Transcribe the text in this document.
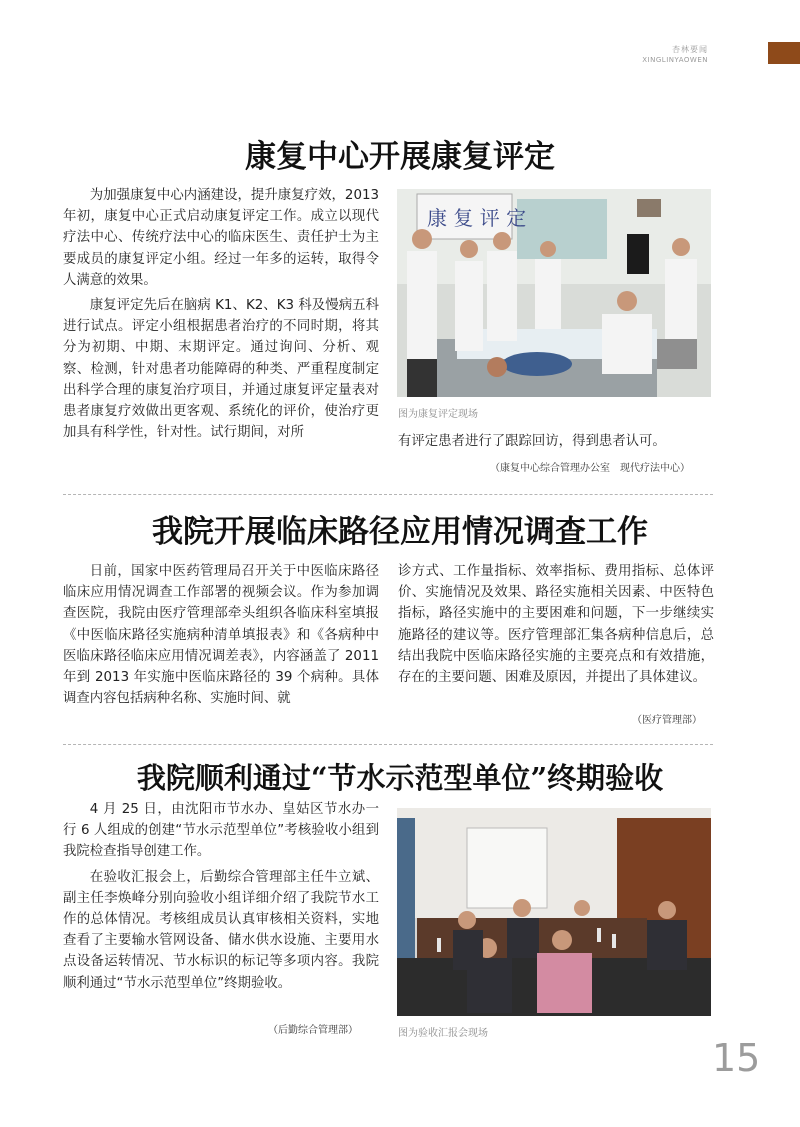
杏林要闻
XINGLINYAOWEN
康复中心开展康复评定

为加强康复中心内涵建设，提升康复疗效，2013 年初，康复中心正式启动康复评定工作。成立以现代疗法中心、传统疗法中心的临床医生、责任护士为主要成员的康复评定小组。经过一年多的运转，取得令人满意的效果。

康复评定先后在脑病 K1、K2、K3 科及慢病五科进行试点。评定小组根据患者治疗的不同时期，将其分为初期、中期、末期评定。通过询问、分析、观察、检测，针对患者功能障碍的种类、严重程度制定出科学合理的康复治疗项目，并通过康复评定量表对患者康复疗效做出更客观、系统化的评价，使治疗更加具有科学性，针对性。试行期间，对所

康 复 评 定
图为康复评定现场
有评定患者进行了跟踪回访，得到患者认可。
（康复中心综合管理办公室　现代疗法中心）
我院开展临床路径应用情况调查工作
日前，国家中医药管理局召开关于中医临床路径临床应用情况调查工作部署的视频会议。作为参加调查医院，我院由医疗管理部牵头组织各临床科室填报《中医临床路径实施病种清单填报表》和《各病种中医临床路径临床应用情况调差表》，内容涵盖了 2011 年到 2013 年实施中医临床路径的 39 个病种。具体调查内容包括病种名称、实施时间、就
诊方式、工作量指标、效率指标、费用指标、总体评价、实施情况及效果、路径实施相关因素、中医特色指标，路径实施中的主要困难和问题，下一步继续实施路径的建议等。医疗管理部汇集各病种信息后，总结出我院中医临床路径实施的主要亮点和有效措施，存在的主要问题、困难及原因，并提出了具体建议。
（医疗管理部）
我院顺利通过“节水示范型单位”终期验收

4 月 25 日，由沈阳市节水办、皇姑区节水办一行 6 人组成的创建“节水示范型单位”考核验收小组到我院检查指导创建工作。

在验收汇报会上，后勤综合管理部主任牛立斌、副主任李焕峰分别向验收小组详细介绍了我院节水工作的总体情况。考核组成员认真审核相关资料，实地查看了主要输水管网设备、储水供水设施、主要用水点设备运转情况、节水标识的标记等多项内容。我院顺利通过“节水示范型单位”终期验收。

（后勤综合管理部）	图为验收汇报会现场
15
